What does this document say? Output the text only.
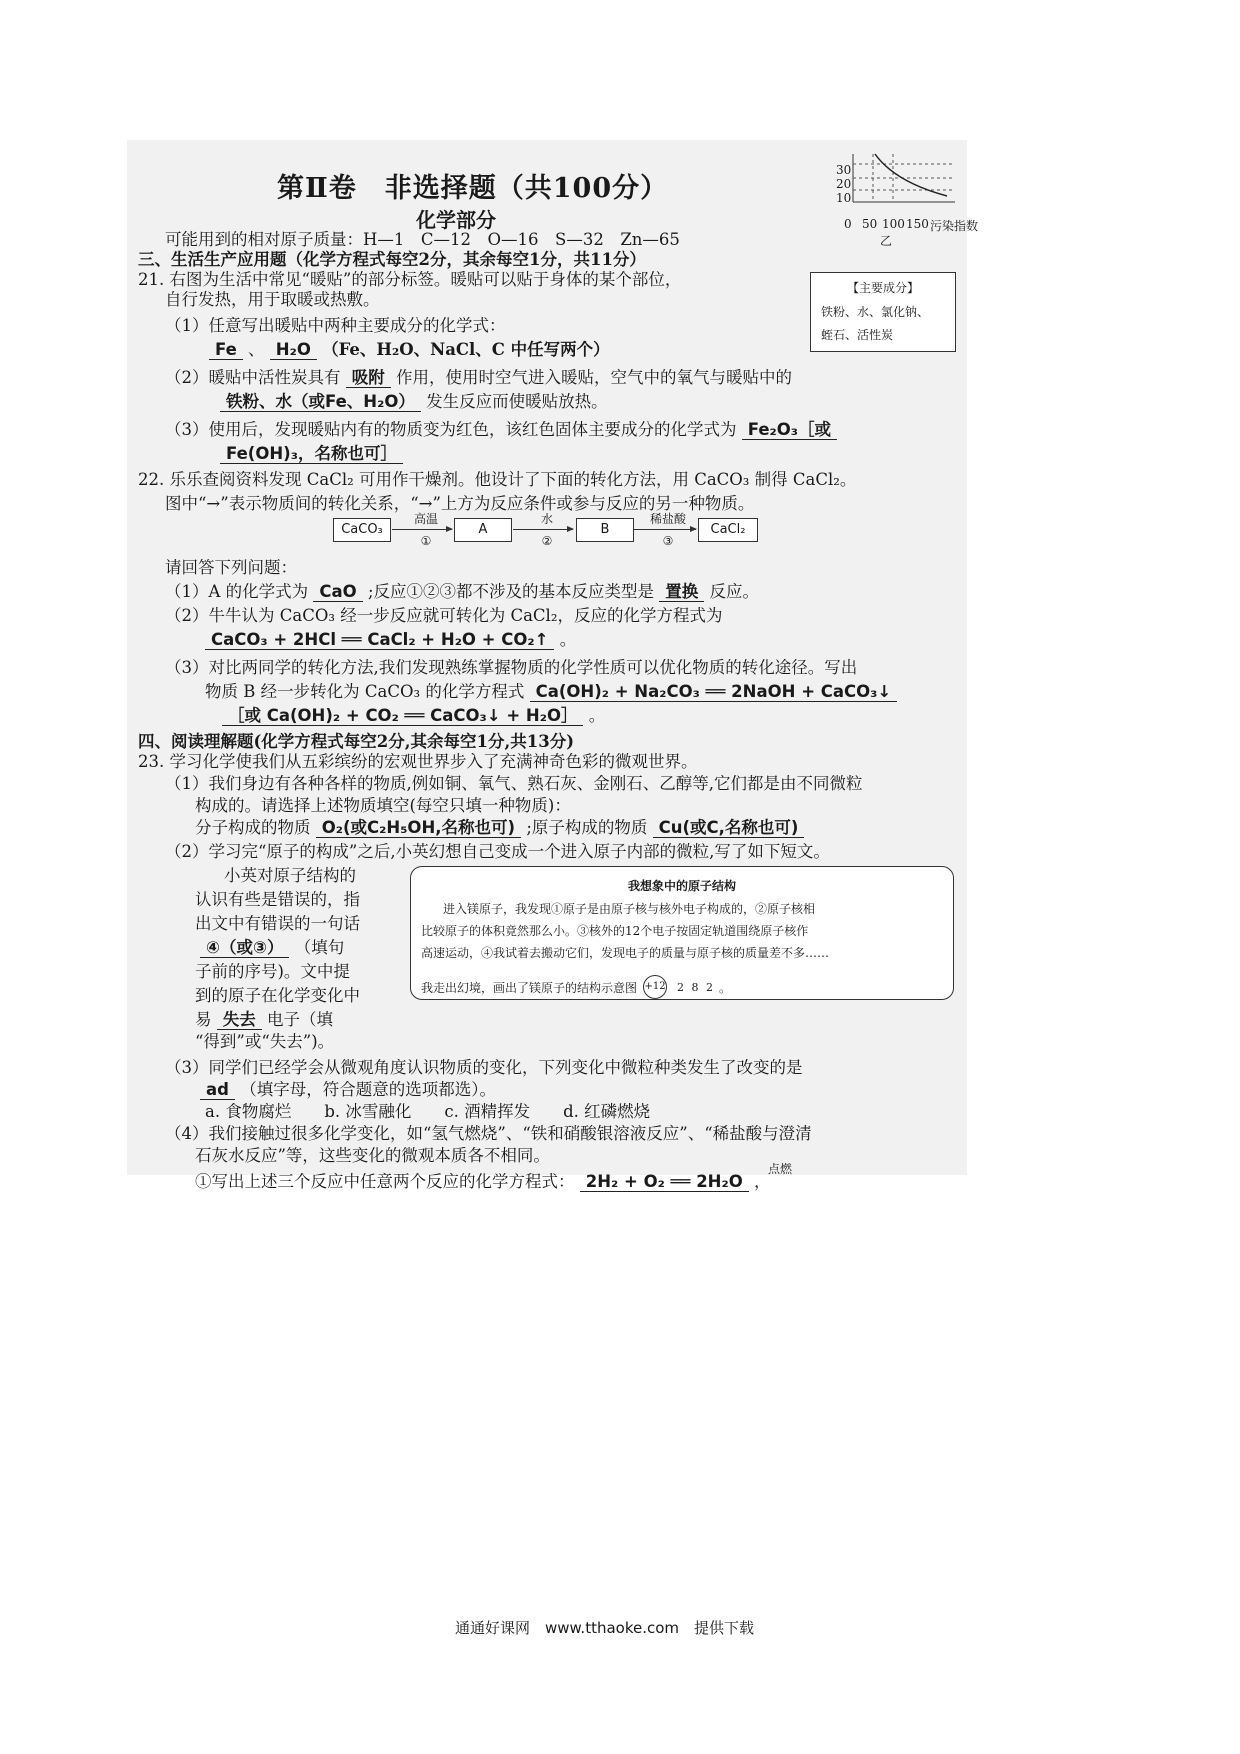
30
20
10
0 50 100 150 污染指数
乙
第Ⅱ卷　非选择题（共100分）
化学部分
可能用到的相对原子质量：H—1　C—12　O—16　S—32　Zn—65
三、生活生产应用题（化学方程式每空2分，其余每空1分，共11分）
21. 右图为生活中常见“暖贴”的部分标签。暖贴可以贴于身体的某个部位，
自行发热，用于取暖或热敷。
【主要成分】
铁粉、水、氯化钠、
蛭石、活性炭
（1）任意写出暖贴中两种主要成分的化学式：
Fe 、 H₂O （Fe、H₂O、NaCl、C 中任写两个）
（2）暖贴中活性炭具有 吸附 作用，使用时空气进入暖贴，空气中的氧气与暖贴中的
铁粉、水（或Fe、H₂O） 发生反应而使暖贴放热。
（3）使用后，发现暖贴内有的物质变为红色，该红色固体主要成分的化学式为 Fe₂O₃［或
Fe(OH)₃，名称也可］
22. 乐乐查阅资料发现 CaCl₂ 可用作干燥剂。他设计了下面的转化方法，用 CaCO₃ 制得 CaCl₂。
图中“→”表示物质间的转化关系，“→”上方为反应条件或参与反应的另一种物质。
CaCO₃
高温
①
A
水
②
B
稀盐酸
③
CaCl₂
请回答下列问题：
（1）A 的化学式为 CaO ;反应①②③都不涉及的基本反应类型是 置换 反应。
（2）牛牛认为 CaCO₃ 经一步反应就可转化为 CaCl₂，反应的化学方程式为
CaCO₃ + 2HCl ══ CaCl₂ + H₂O + CO₂↑ 。
（3）对比两同学的转化方法,我们发现熟练掌握物质的化学性质可以优化物质的转化途径。写出
物质 B 经一步转化为 CaCO₃ 的化学方程式 Ca(OH)₂ + Na₂CO₃ ══ 2NaOH + CaCO₃↓
［或 Ca(OH)₂ + CO₂ ══ CaCO₃↓ + H₂O］ 。
四、阅读理解题(化学方程式每空2分,其余每空1分,共13分)
23. 学习化学使我们从五彩缤纷的宏观世界步入了充满神奇色彩的微观世界。
（1）我们身边有各种各样的物质,例如铜、氧气、熟石灰、金刚石、乙醇等,它们都是由不同微粒
构成的。请选择上述物质填空(每空只填一种物质)：
分子构成的物质 O₂(或C₂H₅OH,名称也可) ;原子构成的物质 Cu(或C,名称也可)
（2）学习完“原子的构成”之后,小英幻想自己变成一个进入原子内部的微粒,写了如下短文。
小英对原子结构的
认识有些是错误的，指
出文中有错误的一句话
④（或③） （填句
子前的序号)。文中提
到的原子在化学变化中
易 失去 电子（填
“得到”或“失去”)。
我想象中的原子结构
进入镁原子，我发现①原子是由原子核与核外电子构成的，②原子核相
比较原子的体积竟然那么小。③核外的12个电子按固定轨道围绕原子核作
高速运动，④我试着去搬动它们，发现电子的质量与原子核的质量差不多……
我走出幻境，画出了镁原子的结构示意图 +12 2 8 2 。
（3）同学们已经学会从微观角度认识物质的变化，下列变化中微粒种类发生了改变的是
ad （填字母，符合题意的选项都选）。
a. 食物腐烂　　b. 冰雪融化　　c. 酒精挥发　　d. 红磷燃烧
（4）我们接触过很多化学变化，如“氢气燃烧”、“铁和硝酸银溶液反应”、“稀盐酸与澄清
石灰水反应”等，这些变化的微观本质各不相同。
点燃
①写出上述三个反应中任意两个反应的化学方程式： 2H₂ + O₂ ══ 2H₂O ，
通通好课网　www.tthaoke.com　提供下载
